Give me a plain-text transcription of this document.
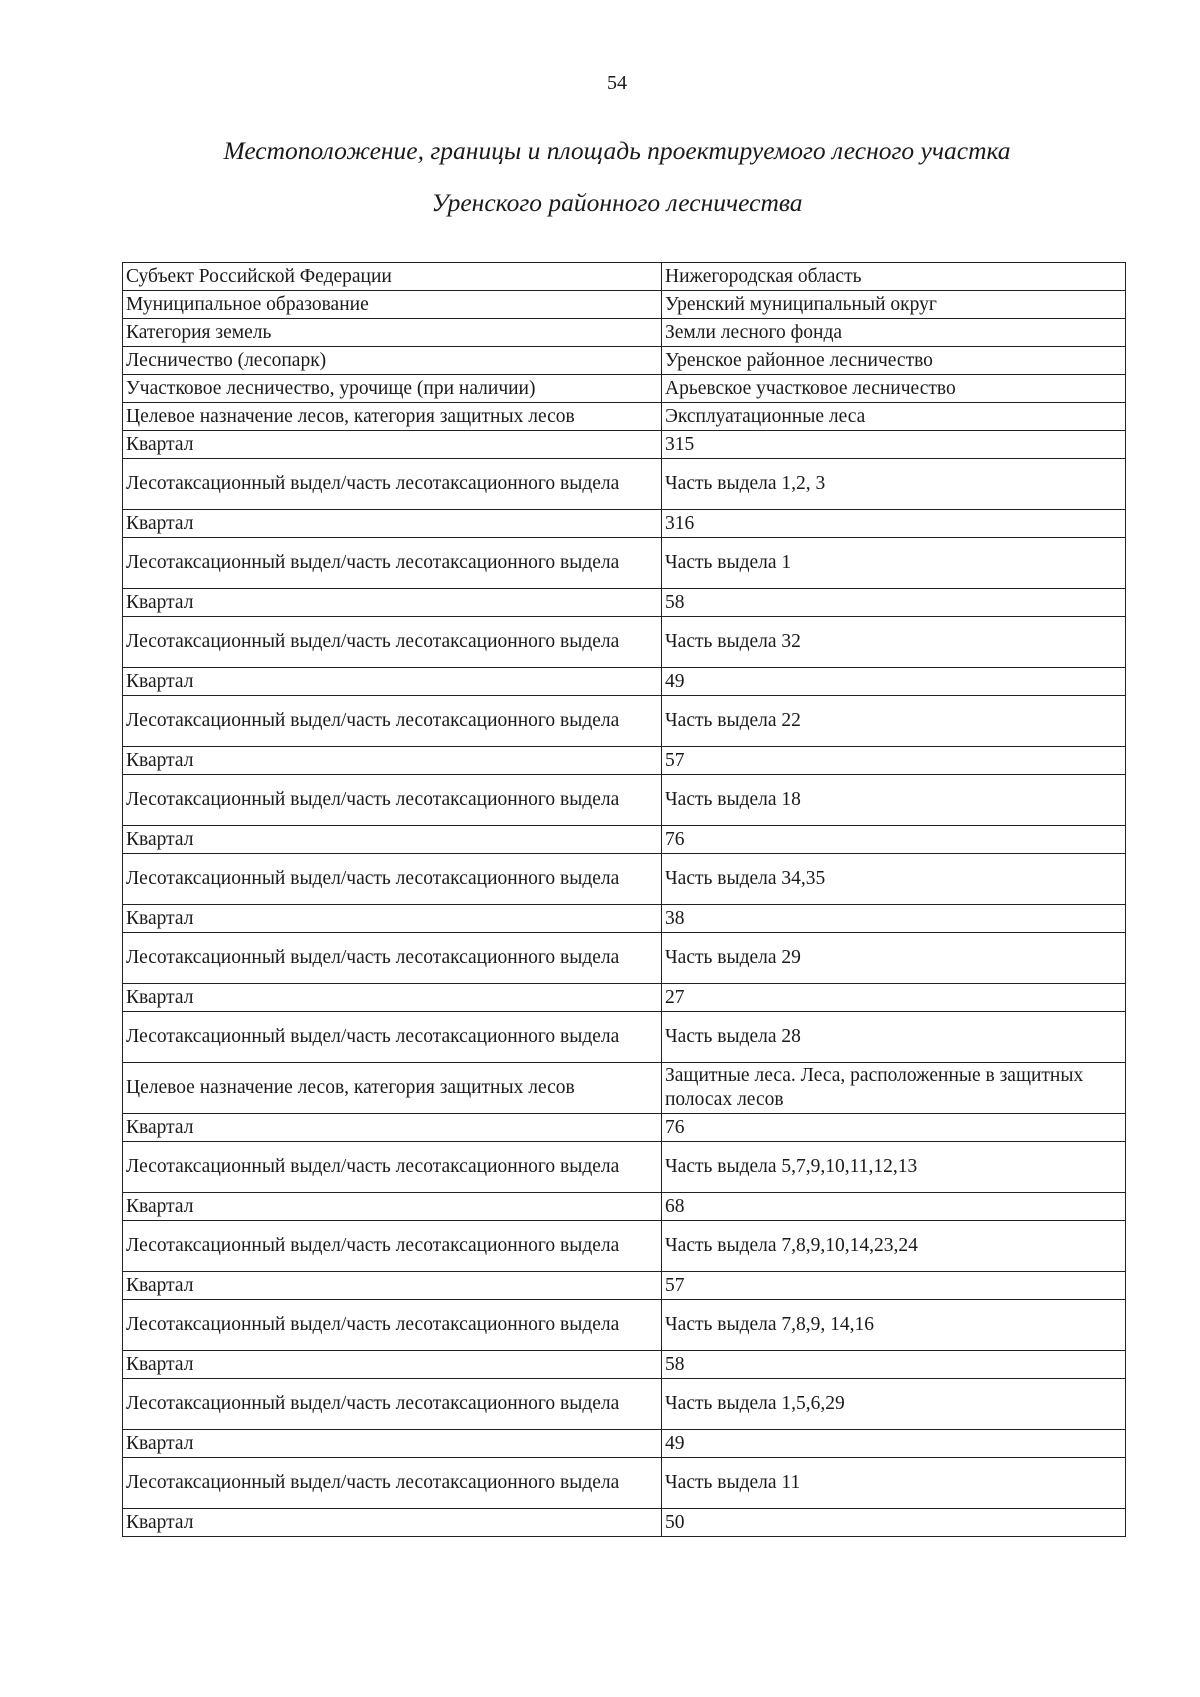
54
Местоположение, границы и площадь проектируемого лесного участка
Уренского районного лесничества
Субъект Российской Федерации	Нижегородская область
Муниципальное образование	Уренский муниципальный округ
Категория земель	Земли лесного фонда
Лесничество (лесопарк)	Уренское районное лесничество
Участковое лесничество, урочище (при наличии)	Арьевское участковое лесничество
Целевое назначение лесов, категория защитных лесов	Эксплуатационные леса
Квартал	315
Лесотаксационный выдел/часть лесотаксационного выдела	Часть выдела 1,2, 3
Квартал	316
Лесотаксационный выдел/часть лесотаксационного выдела	Часть выдела 1
Квартал	58
Лесотаксационный выдел/часть лесотаксационного выдела	Часть выдела 32
Квартал	49
Лесотаксационный выдел/часть лесотаксационного выдела	Часть выдела 22
Квартал	57
Лесотаксационный выдел/часть лесотаксационного выдела	Часть выдела 18
Квартал	76
Лесотаксационный выдел/часть лесотаксационного выдела	Часть выдела 34,35
Квартал	38
Лесотаксационный выдел/часть лесотаксационного выдела	Часть выдела 29
Квартал	27
Лесотаксационный выдел/часть лесотаксационного выдела	Часть выдела 28
Целевое назначение лесов, категория защитных лесов	Защитные леса. Леса, расположенные в защитных полосах лесов
Квартал	76
Лесотаксационный выдел/часть лесотаксационного выдела	Часть выдела 5,7,9,10,11,12,13
Квартал	68
Лесотаксационный выдел/часть лесотаксационного выдела	Часть выдела 7,8,9,10,14,23,24
Квартал	57
Лесотаксационный выдел/часть лесотаксационного выдела	Часть выдела 7,8,9, 14,16
Квартал	58
Лесотаксационный выдел/часть лесотаксационного выдела	Часть выдела 1,5,6,29
Квартал	49
Лесотаксационный выдел/часть лесотаксационного выдела	Часть выдела 11
Квартал	50
